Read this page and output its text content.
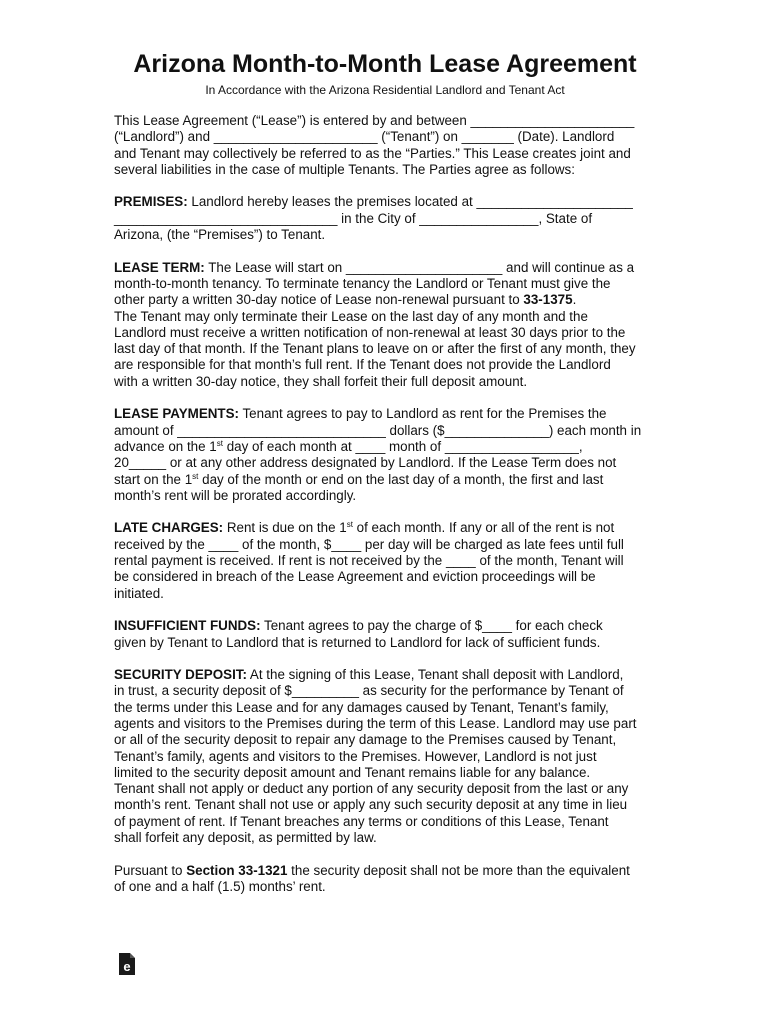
Arizona Month-to-Month Lease Agreement
In Accordance with the Arizona Residential Landlord and Tenant Act
This Lease Agreement (“Lease”) is entered by and between ______________________
(“Landlord”) and ______________________ (“Tenant”) on _______ (Date). Landlord
and Tenant may collectively be referred to as the “Parties.” This Lease creates joint and
several liabilities in the case of multiple Tenants. The Parties agree as follows:
PREMISES: Landlord hereby leases the premises located at _____________________
______________________________ in the City of ________________, State of
Arizona, (the “Premises”) to Tenant.
LEASE TERM: The Lease will start on _____________________ and will continue as a
month-to-month tenancy. To terminate tenancy the Landlord or Tenant must give the
other party a written 30-day notice of Lease non-renewal pursuant to 33-1375.
The Tenant may only terminate their Lease on the last day of any month and the
Landlord must receive a written notification of non-renewal at least 30 days prior to the
last day of that month. If the Tenant plans to leave on or after the first of any month, they
are responsible for that month’s full rent. If the Tenant does not provide the Landlord
with a written 30-day notice, they shall forfeit their full deposit amount.
LEASE PAYMENTS: Tenant agrees to pay to Landlord as rent for the Premises the
amount of ____________________________ dollars ($______________) each month in
advance on the 1st day of each month at ____ month of __________________,
20_____ or at any other address designated by Landlord. If the Lease Term does not
start on the 1st day of the month or end on the last day of a month, the first and last
month’s rent will be prorated accordingly.
LATE CHARGES: Rent is due on the 1st of each month. If any or all of the rent is not
received by the ____ of the month, $____ per day will be charged as late fees until full
rental payment is received. If rent is not received by the ____ of the month, Tenant will
be considered in breach of the Lease Agreement and eviction proceedings will be
initiated.
INSUFFICIENT FUNDS: Tenant agrees to pay the charge of $____ for each check
given by Tenant to Landlord that is returned to Landlord for lack of sufficient funds.
SECURITY DEPOSIT: At the signing of this Lease, Tenant shall deposit with Landlord,
in trust, a security deposit of $_________ as security for the performance by Tenant of
the terms under this Lease and for any damages caused by Tenant, Tenant’s family,
agents and visitors to the Premises during the term of this Lease. Landlord may use part
or all of the security deposit to repair any damage to the Premises caused by Tenant,
Tenant’s family, agents and visitors to the Premises. However, Landlord is not just
limited to the security deposit amount and Tenant remains liable for any balance.
Tenant shall not apply or deduct any portion of any security deposit from the last or any
month’s rent. Tenant shall not use or apply any such security deposit at any time in lieu
of payment of rent. If Tenant breaches any terms or conditions of this Lease, Tenant
shall forfeit any deposit, as permitted by law.
Pursuant to Section 33-1321 the security deposit shall not be more than the equivalent
of one and a half (1.5) months’ rent.
e
